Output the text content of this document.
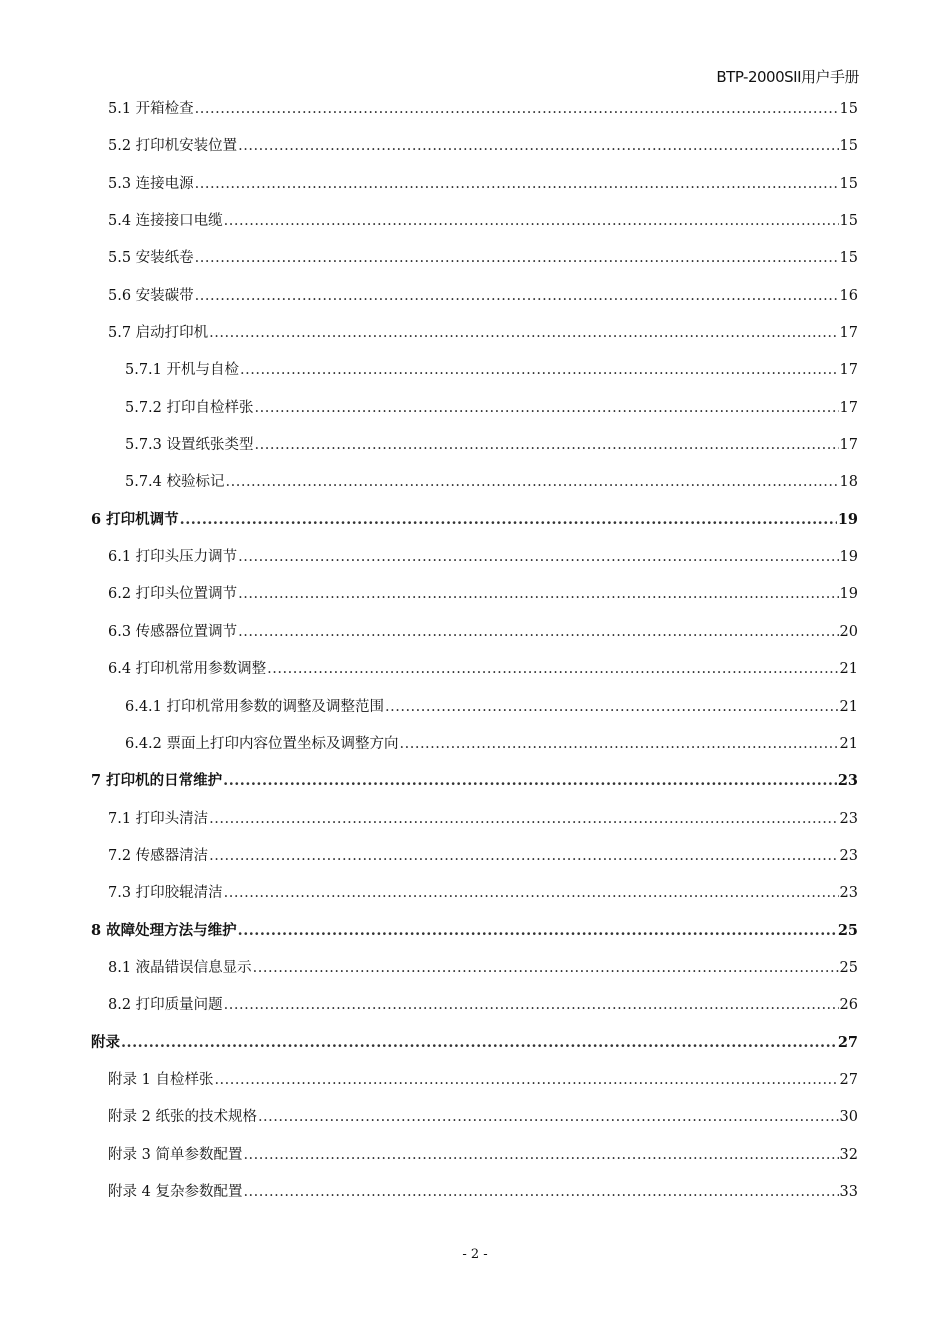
BTP-2000SII用户手册
5.1 开箱检查 .....	15
5.2 打印机安装位置 .....	15
5.3 连接电源 .....	15
5.4 连接接口电缆 .....	15
5.5 安装纸卷 .....	15
5.6 安装碳带 .....	16
5.7 启动打印机 .....	17
5.7.1 开机与自检 .....	17
5.7.2 打印自检样张 .....	17
5.7.3 设置纸张类型 .....	17
5.7.4 校验标记 .....	18
6 打印机调节 .....	19
6.1 打印头压力调节 .....	19
6.2 打印头位置调节 .....	19
6.3 传感器位置调节 .....	20
6.4 打印机常用参数调整 .....	21
6.4.1 打印机常用参数的调整及调整范围 .....	21
6.4.2 票面上打印内容位置坐标及调整方向 .....	21
7 打印机的日常维护 .....	23
7.1 打印头清洁 .....	23
7.2 传感器清洁 .....	23
7.3 打印胶辊清洁 .....	23
8 故障处理方法与维护 .....	25
8.1 液晶错误信息显示 .....	25
8.2 打印质量问题 .....	26
附录 .....	27
附录 1 自检样张 .....	27
附录 2 纸张的技术规格 .....	30
附录 3 简单参数配置 .....	32
附录 4 复杂参数配置 .....	33
- 2 -
